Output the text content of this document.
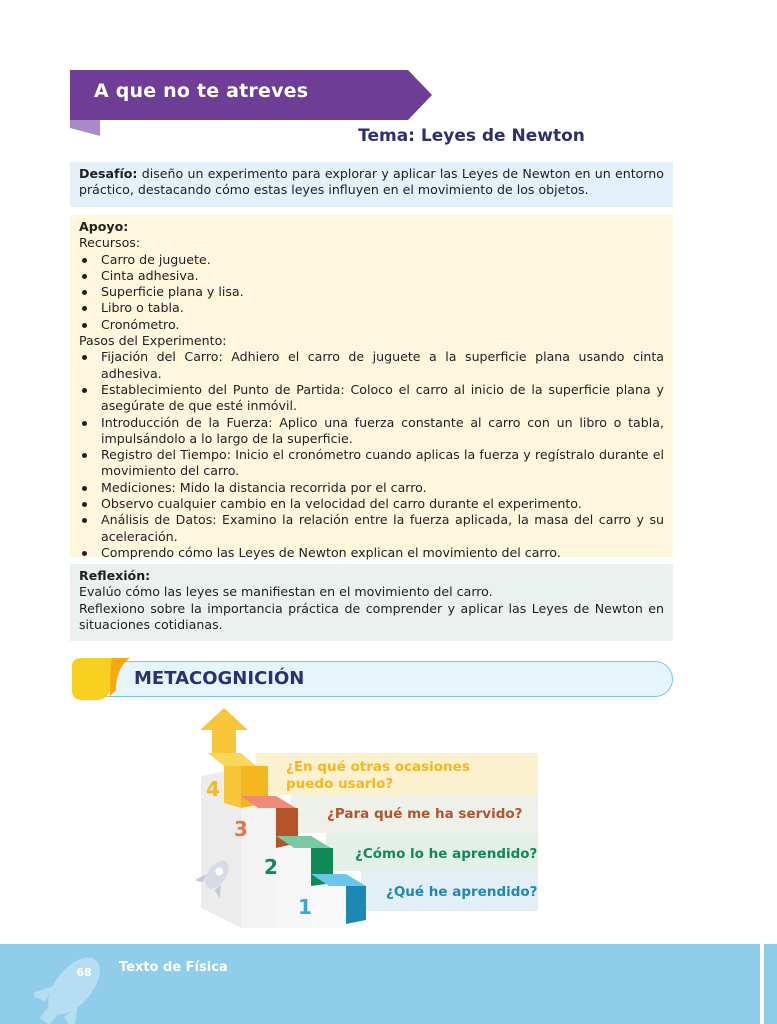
A que no te atreves
Tema: Leyes de Newton

Desafío: diseño un experimento para explorar y aplicar las Leyes de Newton en un entorno práctico, destacando cómo estas leyes influyen en el movimiento de los objetos.

Apoyo:

Recursos:

Carro de juguete.
Cinta adhesiva.
Superficie plana y lisa.
Libro o tabla.
Cronómetro.

Pasos del Experimento:

Fijación del Carro: Adhiero el carro de juguete a la superficie plana usando cinta adhesiva.
Establecimiento del Punto de Partida: Coloco el carro al inicio de la superficie plana y asegúrate de que esté inmóvil.
Introducción de la Fuerza: Aplico una fuerza constante al carro con un libro o tabla, impulsándolo a lo largo de la superficie.
Registro del Tiempo: Inicio el cronómetro cuando aplicas la fuerza y regístralo durante el movimiento del carro.
Mediciones: Mido la distancia recorrida por el carro.
Observo cualquier cambio en la velocidad del carro durante el experimento.
Análisis de Datos: Examino la relación entre la fuerza aplicada, la masa del carro y su aceleración.
Comprendo cómo las Leyes de Newton explican el movimiento del carro.

Reflexión:

Evalúo cómo las leyes se manifiestan en el movimiento del carro.

Reflexiono sobre la importancia práctica de comprender y aplicar las Leyes de Newton en situaciones cotidianas.

METACOGNICIÓN
4
3
2
1
¿En qué otras ocasiones puedo usarlo?
¿Para qué me ha servido?
¿Cómo lo he aprendido?
¿Qué he aprendido?
68	Texto de Física
